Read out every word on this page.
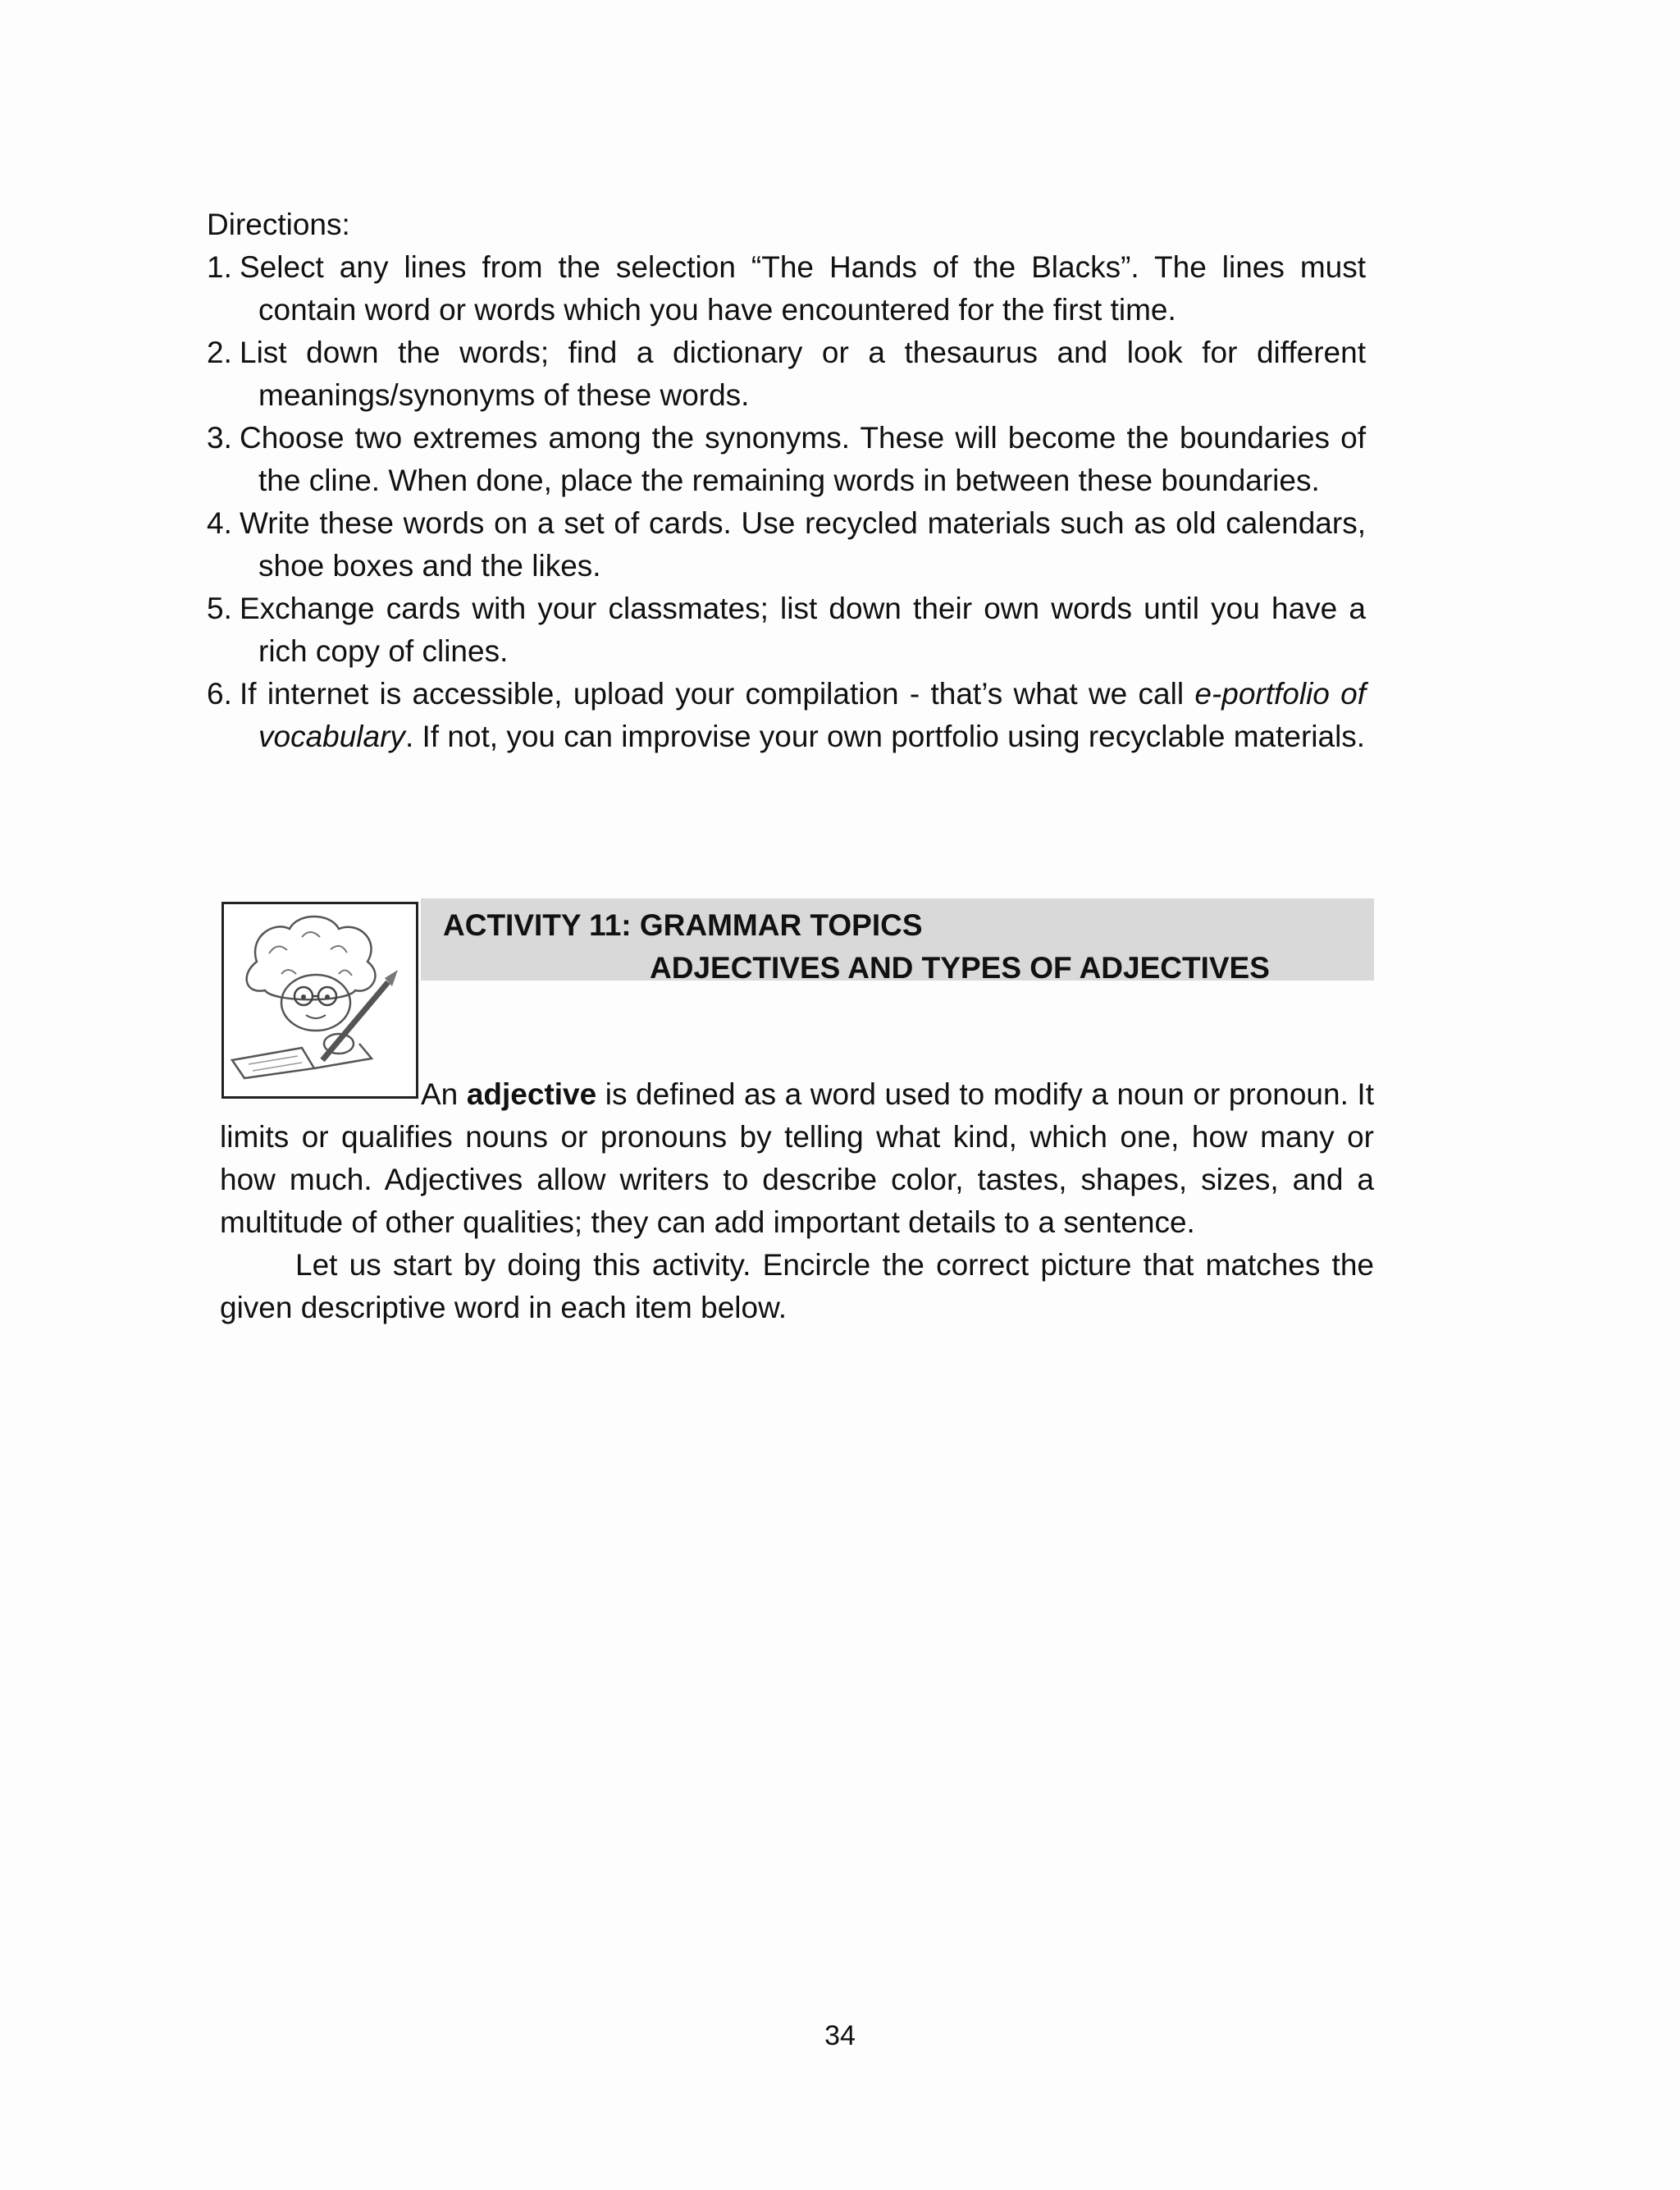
Directions:

1. Select any lines from the selection “The Hands of the Blacks”. The lines must contain word or words which you have encountered for the first time.
2. List down the words; find a dictionary or a thesaurus and look for different meanings/synonyms of these words.
3. Choose two extremes among the synonyms. These will become the boundaries of the cline. When done, place the remaining words in between these boundaries.
4. Write these words on a set of cards. Use recycled materials such as old calendars, shoe boxes and the likes.
5. Exchange cards with your classmates; list down their own words until you have a rich copy of clines.
6. If internet is accessible, upload your compilation - that’s what we call e-portfolio of vocabulary. If not, you can improvise your own portfolio using recyclable materials.

ACTIVITY 11: GRAMMAR TOPICS

ADJECTIVES AND TYPES OF ADJECTIVES

An adjective is defined as a word used to modify a noun or pronoun. It limits or qualifies nouns or pronouns by telling what kind, which one, how many or how much. Adjectives allow writers to describe color, tastes, shapes, sizes, and a multitude of other qualities; they can add important details to a sentence.

Let us start by doing this activity. Encircle the correct picture that matches the given descriptive word in each item below.

34
